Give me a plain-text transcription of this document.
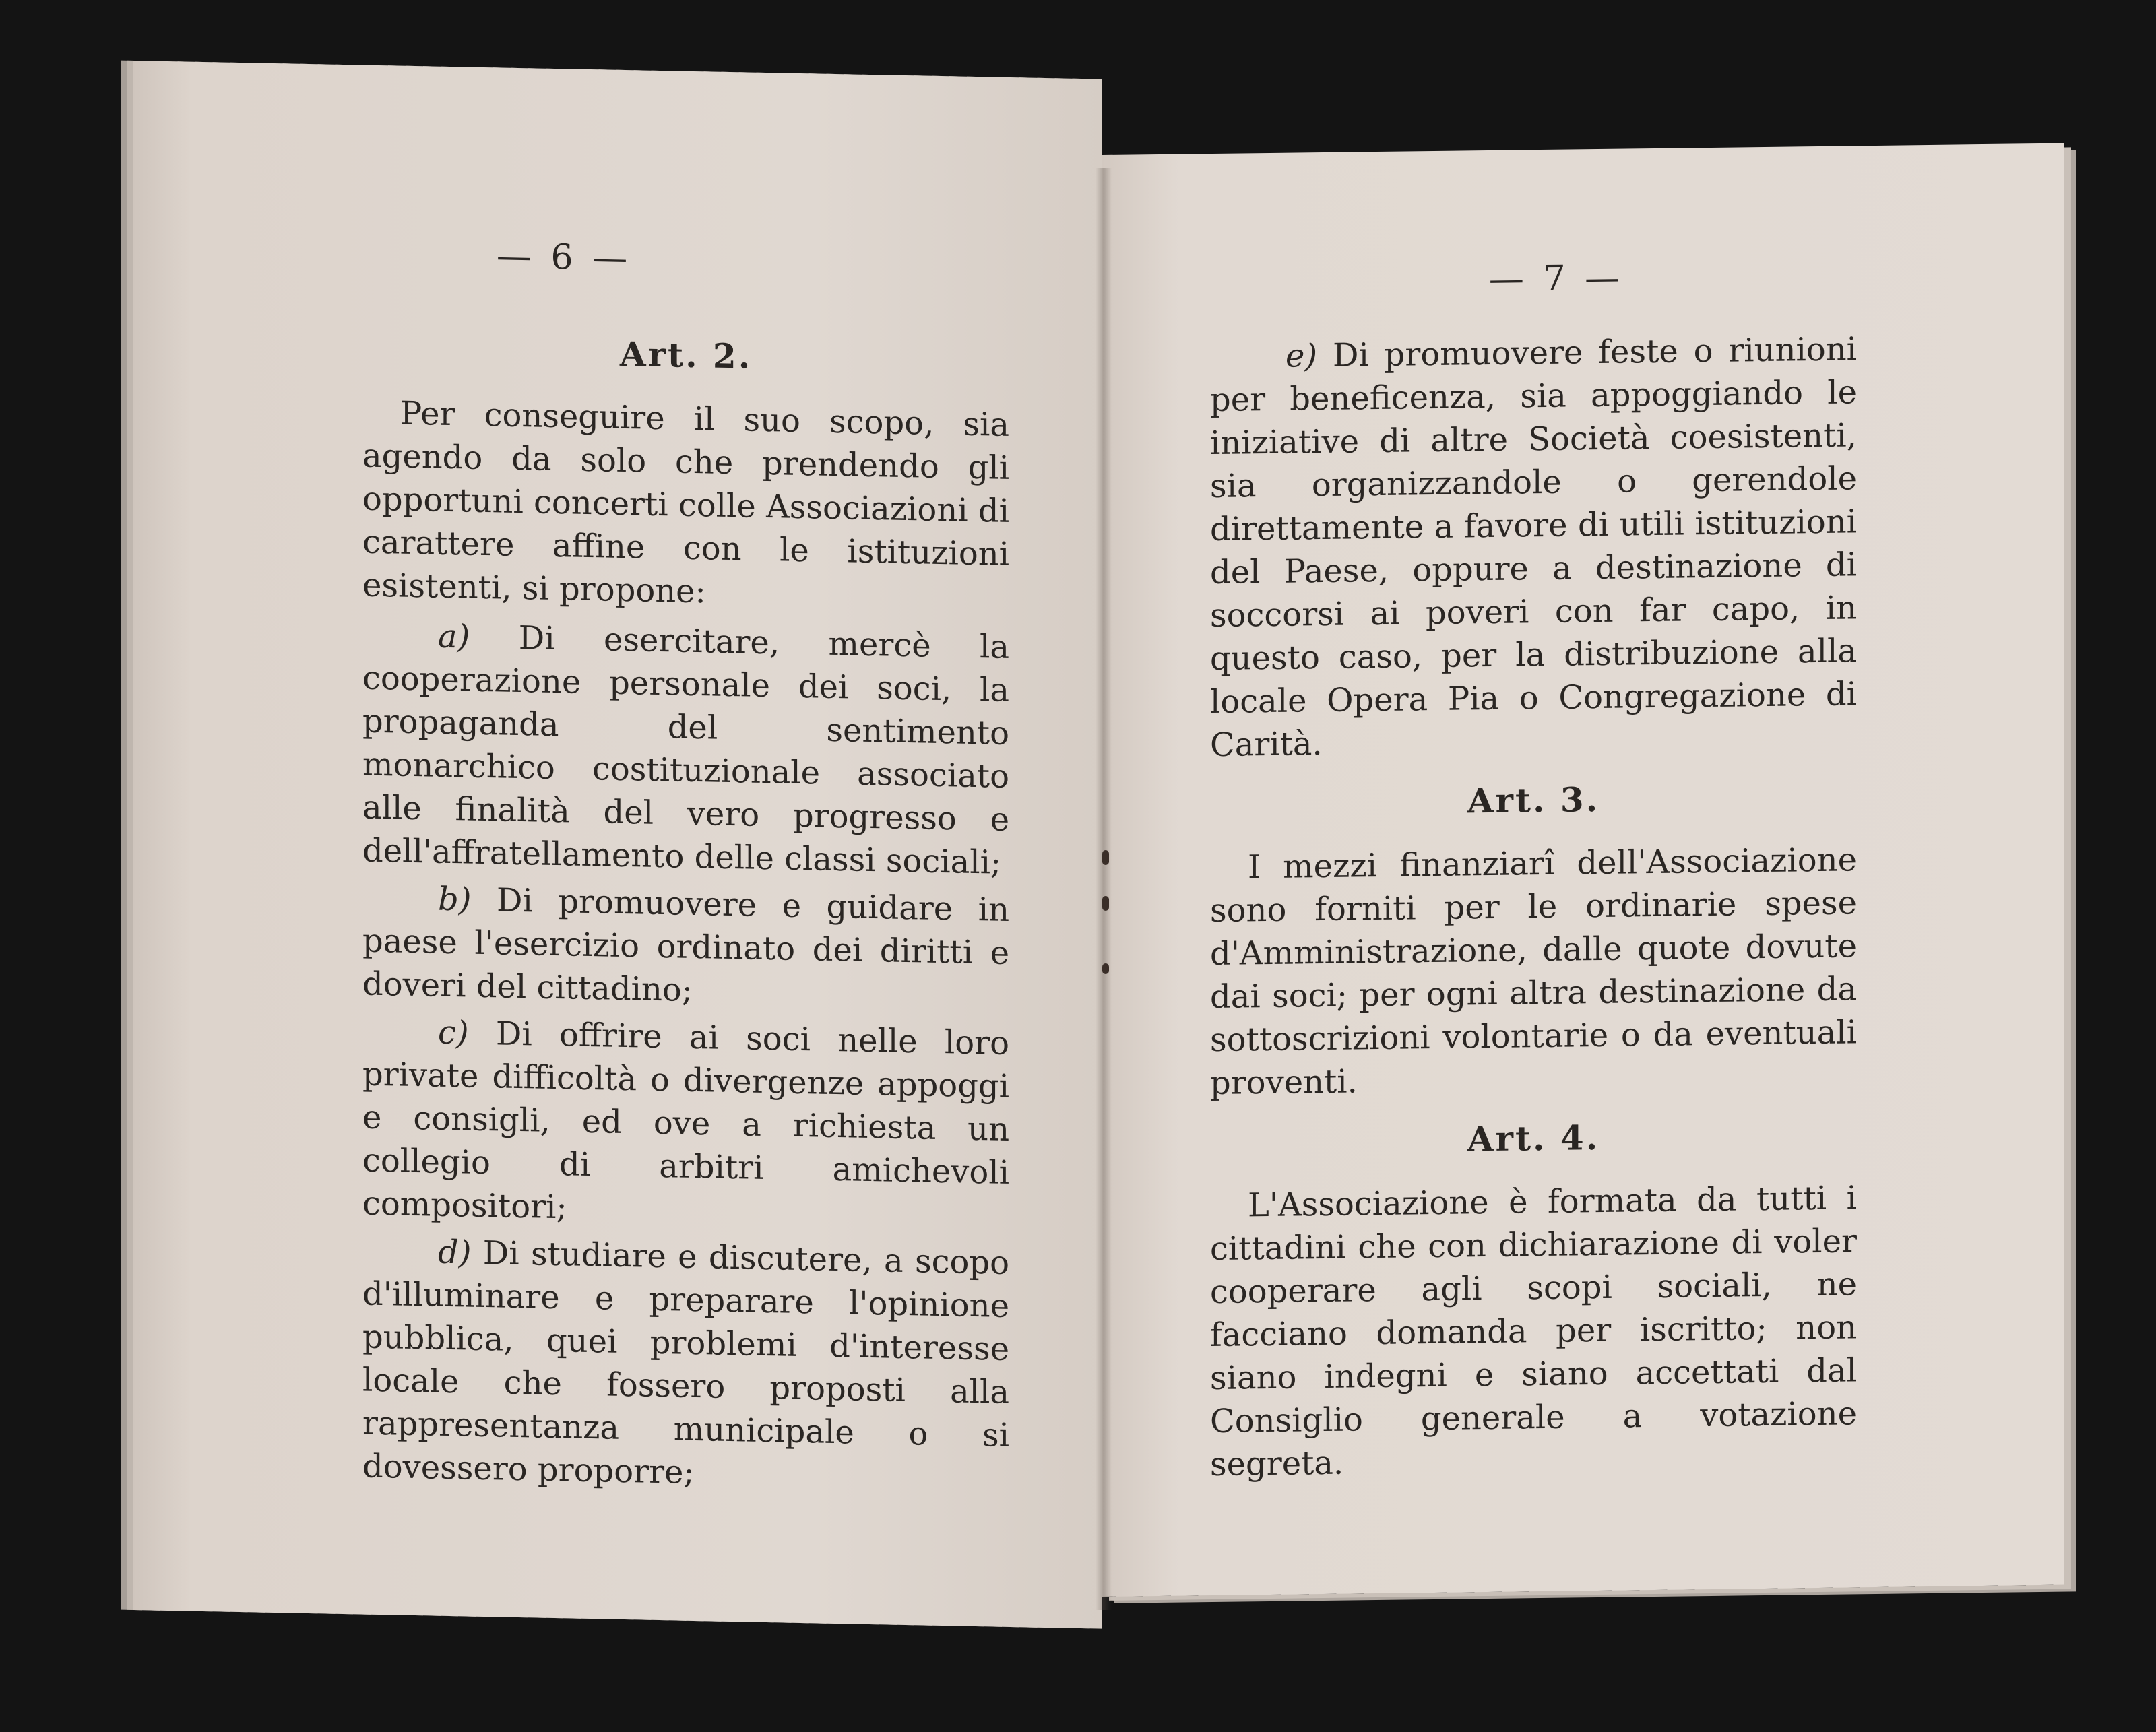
— 6 —
Art. 2.

Per conseguire il suo scopo, sia agendo da solo che prendendo gli opportuni concerti colle Associazioni di carattere affine con le istituzioni esistenti, si propone:

a) Di esercitare, mercè la cooperazione personale dei soci, la propaganda del sentimento monarchico costituzionale associato alle finalità del vero progresso e dell'affratellamento delle classi sociali;

b) Di promuovere e guidare in paese l'esercizio ordinato dei diritti e doveri del cittadino;

c) Di offrire ai soci nelle loro private difficoltà o divergenze appoggi e consigli, ed ove a richiesta un collegio di arbitri amichevoli compositori;

d) Di studiare e discutere, a scopo d'illuminare e preparare l'opinione pubblica, quei problemi d'interesse locale che fossero proposti alla rappresentanza municipale o si dovessero proporre;

— 7 —

e) Di promuovere feste o riunioni per beneficenza, sia appoggiando le iniziative di altre Società coesistenti, sia organizzandole o gerendole direttamente a favore di utili istituzioni del Paese, oppure a destinazione di soccorsi ai poveri con far capo, in questo caso, per la distribuzione alla locale Opera Pia o Congregazione di Carità.

Art. 3.

I mezzi finanziarî dell'Associazione sono forniti per le ordinarie spese d'Amministrazione, dalle quote dovute dai soci; per ogni altra destinazione da sottoscrizioni volontarie o da eventuali proventi.

Art. 4.

L'Associazione è formata da tutti i cittadini che con dichiarazione di voler cooperare agli scopi sociali, ne facciano domanda per iscritto; non siano indegni e siano accettati dal Consiglio generale a votazione segreta.
